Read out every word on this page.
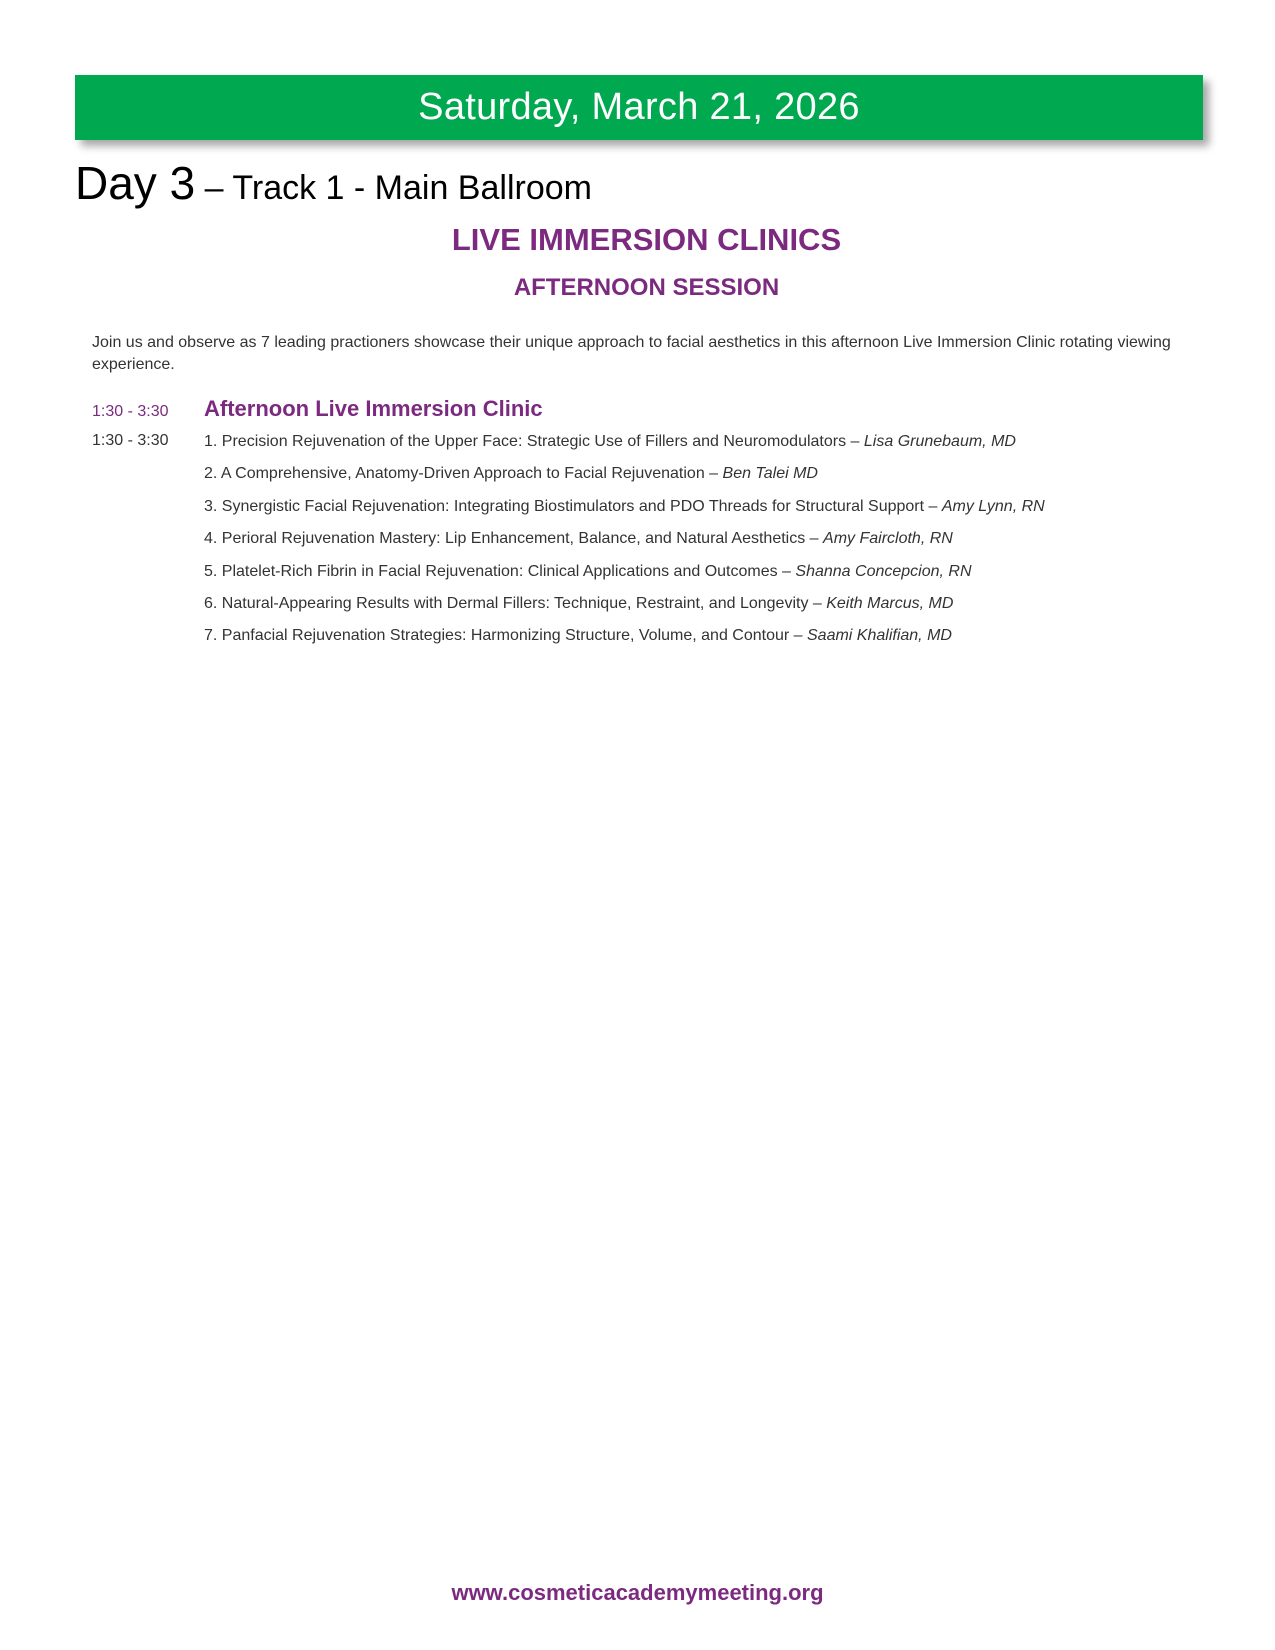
Saturday, March 21, 2026
Day 3 – Track 1 - Main Ballroom
LIVE IMMERSION CLINICS
AFTERNOON SESSION
Join us and observe as 7 leading practioners showcase their unique approach to facial aesthetics in this afternoon Live Immersion Clinic rotating viewing experience.
1:30 - 3:30 Afternoon Live Immersion Clinic
1:30 - 3:30 1. Precision Rejuvenation of the Upper Face: Strategic Use of Fillers and Neuromodulators – Lisa Grunebaum, MD
2. A Comprehensive, Anatomy-Driven Approach to Facial Rejuvenation – Ben Talei MD
3. Synergistic Facial Rejuvenation: Integrating Biostimulators and PDO Threads for Structural Support – Amy Lynn, RN
4. Perioral Rejuvenation Mastery: Lip Enhancement, Balance, and Natural Aesthetics – Amy Faircloth, RN
5. Platelet-Rich Fibrin in Facial Rejuvenation: Clinical Applications and Outcomes – Shanna Concepcion, RN
6. Natural-Appearing Results with Dermal Fillers: Technique, Restraint, and Longevity – Keith Marcus, MD
7. Panfacial Rejuvenation Strategies: Harmonizing Structure, Volume, and Contour – Saami Khalifian, MD
www.cosmeticacademymeeting.org
